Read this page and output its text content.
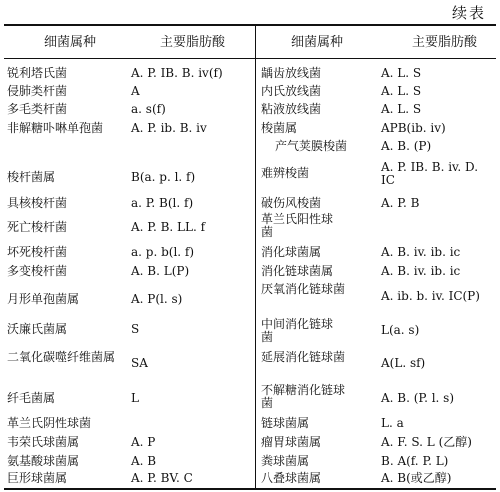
续表
细菌属种	主要脂肪酸	细菌属种	主要脂肪酸
锐利塔氏菌	A. P. IB. B. iv(f)
侵肺类杆菌	A
多毛类杆菌	a. s(f)
非解糖卟啉单孢菌	A. P. ib. B. iv
梭杆菌属	B(a. p. l. f)
具核梭杆菌	a. P. B(l. f)
死亡梭杆菌	A. P. B. LL. f
坏死梭杆菌	a. p. b(l. f)
多变梭杆菌	A. B. L(P)
月形单孢菌属	A. P(l. s)
沃廉氏菌属	S
二氧化碳噬纤维菌属	SA
纤毛菌属	L
革兰氏阴性球菌
韦荣氏球菌属	A. P
氨基酸球菌属	A. B
巨形球菌属	A. P. BV. C
龋齿放线菌	A. L. S
内氏放线菌	A. L. S
粘液放线菌	A. L. S
梭菌属	APB(ib. iv)
产气荚膜梭菌	A. B. (P)
难辨梭菌	A. P. IB. B. iv. D. IC
破伤风梭菌	A. P. B
革兰氏阳性球菌
消化球菌属	A. B. iv. ib. ic
消化链球菌属	A. B. iv. ib. ic
厌氧消化链球菌	A. ib. b. iv. IC(P)
中间消化链球菌	L(a. s)
延展消化链球菌	A(L. sf)
不解糖消化链球菌	A. B. (P. l. s)
链球菌属	L. a
瘤胃球菌属	A. F. S. L (乙醇)
粪球菌属	B. A(f. P. L)
八叠球菌属	A. B(或乙醇)
